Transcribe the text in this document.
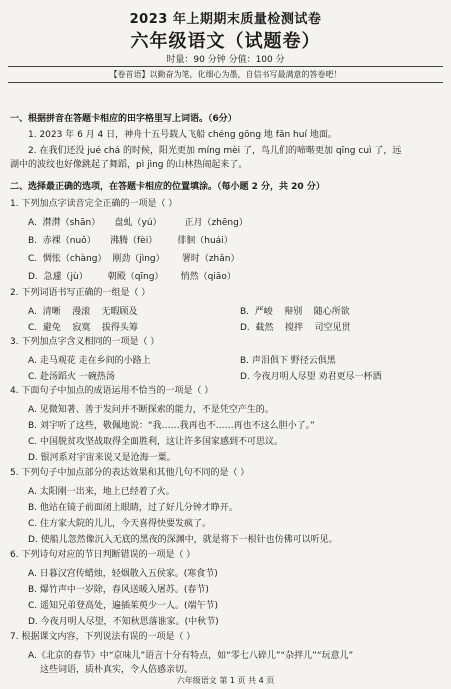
2023 年上期期末质量检测试卷
六年级语文（试题卷）
时量：90 分钟 分值：100 分
【卷首语】以勤奋为笔，化细心为墨，自信书写最满意的答卷吧！
一、根据拼音在答题卡相应的田字格里写上词语。（6分）
1. 2023 年 6 月 4 日，神舟十五号载人飞船 chéng gōng 地 fǎn huí 地面。
2. 在我们还没 jué chá 的时候，阳光更加 míng mèi 了，鸟儿们的啼啭更加 qīng cuì 了，远
湖中的波纹也好像跳起了舞蹈，pì jìng 的山林热闹起来了。
二、选择最正确的选项，在答题卡相应的位置填涂。（每小题 2 分，共 20 分）
1. 下列加点字读音完全正确的一项是（ ）
A. 潸潸（shān） 盘虬（yú）	正月（zhēng）
B. 赤裸（nuǒ） 沸腾（fèi） 徘徊（huái）
C. 惆怅（chàng） 刚劲（jìng） 署时（zhǎn）
D. 急遽（jù） 朝殿（qīng） 悄然（qiāo）
2. 下列词语书写正确的一组是（ ）
A. 清晰 漫滚 无暇顾及	B. 严峻 辩别 随心所欲
C. 避免 寂寞 拔得头筹	D. 截然 搅拌 司空见贯
3. 下列加点字含义相同的一项是（ ）
A. 走马观花 走在乡间的小路上	B. 声泪俱下 野径云俱黑
C. 赴汤蹈火 一碗热汤	D. 今夜月明人尽望 劝君更尽一杯酒
4. 下面句子中加点的成语运用不恰当的一项是（ ）
A. 见微知著、善于发问并不断探索的能力，不是凭空产生的。
B. 刘宇听了这些，敬佩地说：“我……我再也不……再也不这么胆小了。”
C. 中国脱贫攻坚战取得全面胜利，这让许多国家感到不可思议。
D. 银河系对宇宙来说又是沧海一粟。
5. 下列句子中加点部分的表达效果和其他几句不同的是（ ）
A. 太阳刚一出来，地上已经着了火。
B. 他站在镜子前面闭上眼睛，过了好几分钟才睁开。
C. 住方家大院的儿儿，今天喜得快要发疯了。
D. 使船儿忽然像沉入无底的黑夜的深渊中，就是将下一根针也仿佛可以听见。
6. 下列诗句对应的节日判断错误的一项是（ ）
A. 日暮汉宫传蜡烛，轻烟散入五侯家。(寒食节)
B. 爆竹声中一岁除，春风送暖入屠苏。(春节)
C. 遥知兄弟登高处，遍插茱萸少一人。(端午节)
D. 今夜月明人尽望，不知秋思落谁家。(中秋节)
7. 根据课文内容，下列说法有误的一项是（ ）
A.《北京的春节》中“京味儿”语言十分有特点，如“零七八碎儿”“杂拌儿”“玩意儿”
这些词语，质朴真实，令人倍感亲切。
六年级语文 第 1 页 共 4 页
